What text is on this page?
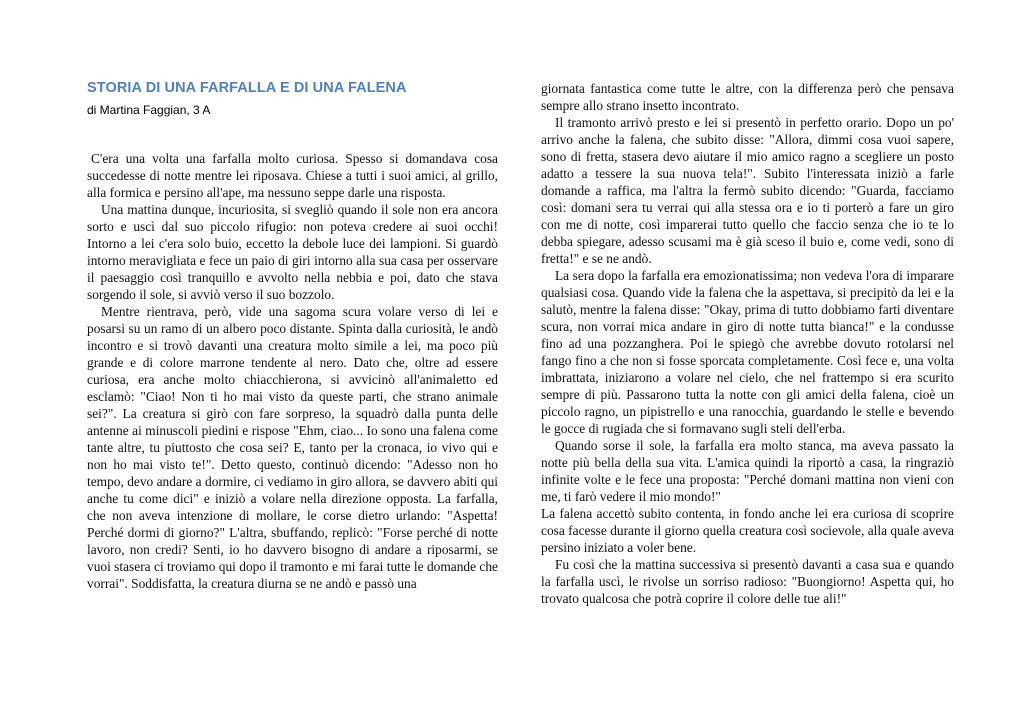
STORIA DI UNA FARFALLA E DI UNA FALENA
di Martina Faggian, 3 A

C'era una volta una farfalla molto curiosa. Spesso si domandava cosa succedesse di notte mentre lei riposava. Chiese a tutti i suoi amici, al grillo, alla formica e persino all'ape, ma nessuno seppe darle una risposta.

Una mattina dunque, incuriosita, si svegliò quando il sole non era ancora sorto e uscì dal suo piccolo rifugio: non poteva credere ai suoi occhi! Intorno a lei c'era solo buio, eccetto la debole luce dei lampioni. Si guardò intorno meravigliata e fece un paio di giri intorno alla sua casa per osservare il paesaggio così tranquillo e avvolto nella nebbia e poi, dato che stava sorgendo il sole, si avviò verso il suo bozzolo.

Mentre rientrava, però, vide una sagoma scura volare verso di lei e posarsi su un ramo di un albero poco distante. Spinta dalla curiosità, le andò incontro e si trovò davanti una creatura molto simile a lei, ma poco più grande e di colore marrone tendente al nero. Dato che, oltre ad essere curiosa, era anche molto chiacchierona, si avvicinò all'animaletto ed esclamò: "Ciao! Non ti ho mai visto da queste parti, che strano animale sei?". La creatura si girò con fare sorpreso, la squadrò dalla punta delle antenne ai minuscoli piedini e rispose "Ehm, ciao... Io sono una falena come tante altre, tu piuttosto che cosa sei? E, tanto per la cronaca, io vivo qui e non ho mai visto te!". Detto questo, continuò dicendo: "Adesso non ho tempo, devo andare a dormire, ci vediamo in giro allora, se davvero abiti qui anche tu come dici" e iniziò a volare nella direzione opposta. La farfalla, che non aveva intenzione di mollare, le corse dietro urlando: "Aspetta! Perché dormi di giorno?" L'altra, sbuffando, replicò: "Forse perché di notte lavoro, non credi? Senti, io ho davvero bisogno di andare a riposarmi, se vuoi stasera ci troviamo qui dopo il tramonto e mi farai tutte le domande che vorrai". Soddisfatta, la creatura diurna se ne andò e passò una

giornata fantastica come tutte le altre, con la differenza però che pensava sempre allo strano insetto incontrato.

Il tramonto arrivò presto e lei si presentò in perfetto orario. Dopo un po' arrivo anche la falena, che subito disse: "Allora, dimmi cosa vuoi sapere, sono di fretta, stasera devo aiutare il mio amico ragno a scegliere un posto adatto a tessere la sua nuova tela!". Subito l'interessata iniziò a farle domande a raffica, ma l'altra la fermò subito dicendo: "Guarda, facciamo così: domani sera tu verrai qui alla stessa ora e io ti porterò a fare un giro con me di notte, così imparerai tutto quello che faccio senza che io te lo debba spiegare, adesso scusami ma è già sceso il buio e, come vedi, sono di fretta!" e se ne andò.

La sera dopo la farfalla era emozionatissima; non vedeva l'ora di imparare qualsiasi cosa. Quando vide la falena che la aspettava, si precipitò da lei e la salutò, mentre la falena disse: "Okay, prima di tutto dobbiamo farti diventare scura, non vorrai mica andare in giro di notte tutta bianca!" e la condusse fino ad una pozzanghera. Poi le spiegò che avrebbe dovuto rotolarsi nel fango fino a che non si fosse sporcata completamente. Così fece e, una volta imbrattata, iniziarono a volare nel cielo, che nel frattempo si era scurito sempre di più. Passarono tutta la notte con gli amici della falena, cioè un piccolo ragno, un pipistrello e una ranocchia, guardando le stelle e bevendo le gocce di rugiada che si formavano sugli steli dell'erba.

Quando sorse il sole, la farfalla era molto stanca, ma aveva passato la notte più bella della sua vita. L'amica quindi la riportò a casa, la ringraziò infinite volte e le fece una proposta: "Perché domani mattina non vieni con me, ti farò vedere il mio mondo!"

La falena accettò subito contenta, in fondo anche lei era curiosa di scoprire cosa facesse durante il giorno quella creatura così socievole, alla quale aveva persino iniziato a voler bene.

Fu così che la mattina successiva si presentò davanti a casa sua e quando la farfalla uscì, le rivolse un sorriso radioso: "Buongiorno! Aspetta qui, ho trovato qualcosa che potrà coprire il colore delle tue ali!"
